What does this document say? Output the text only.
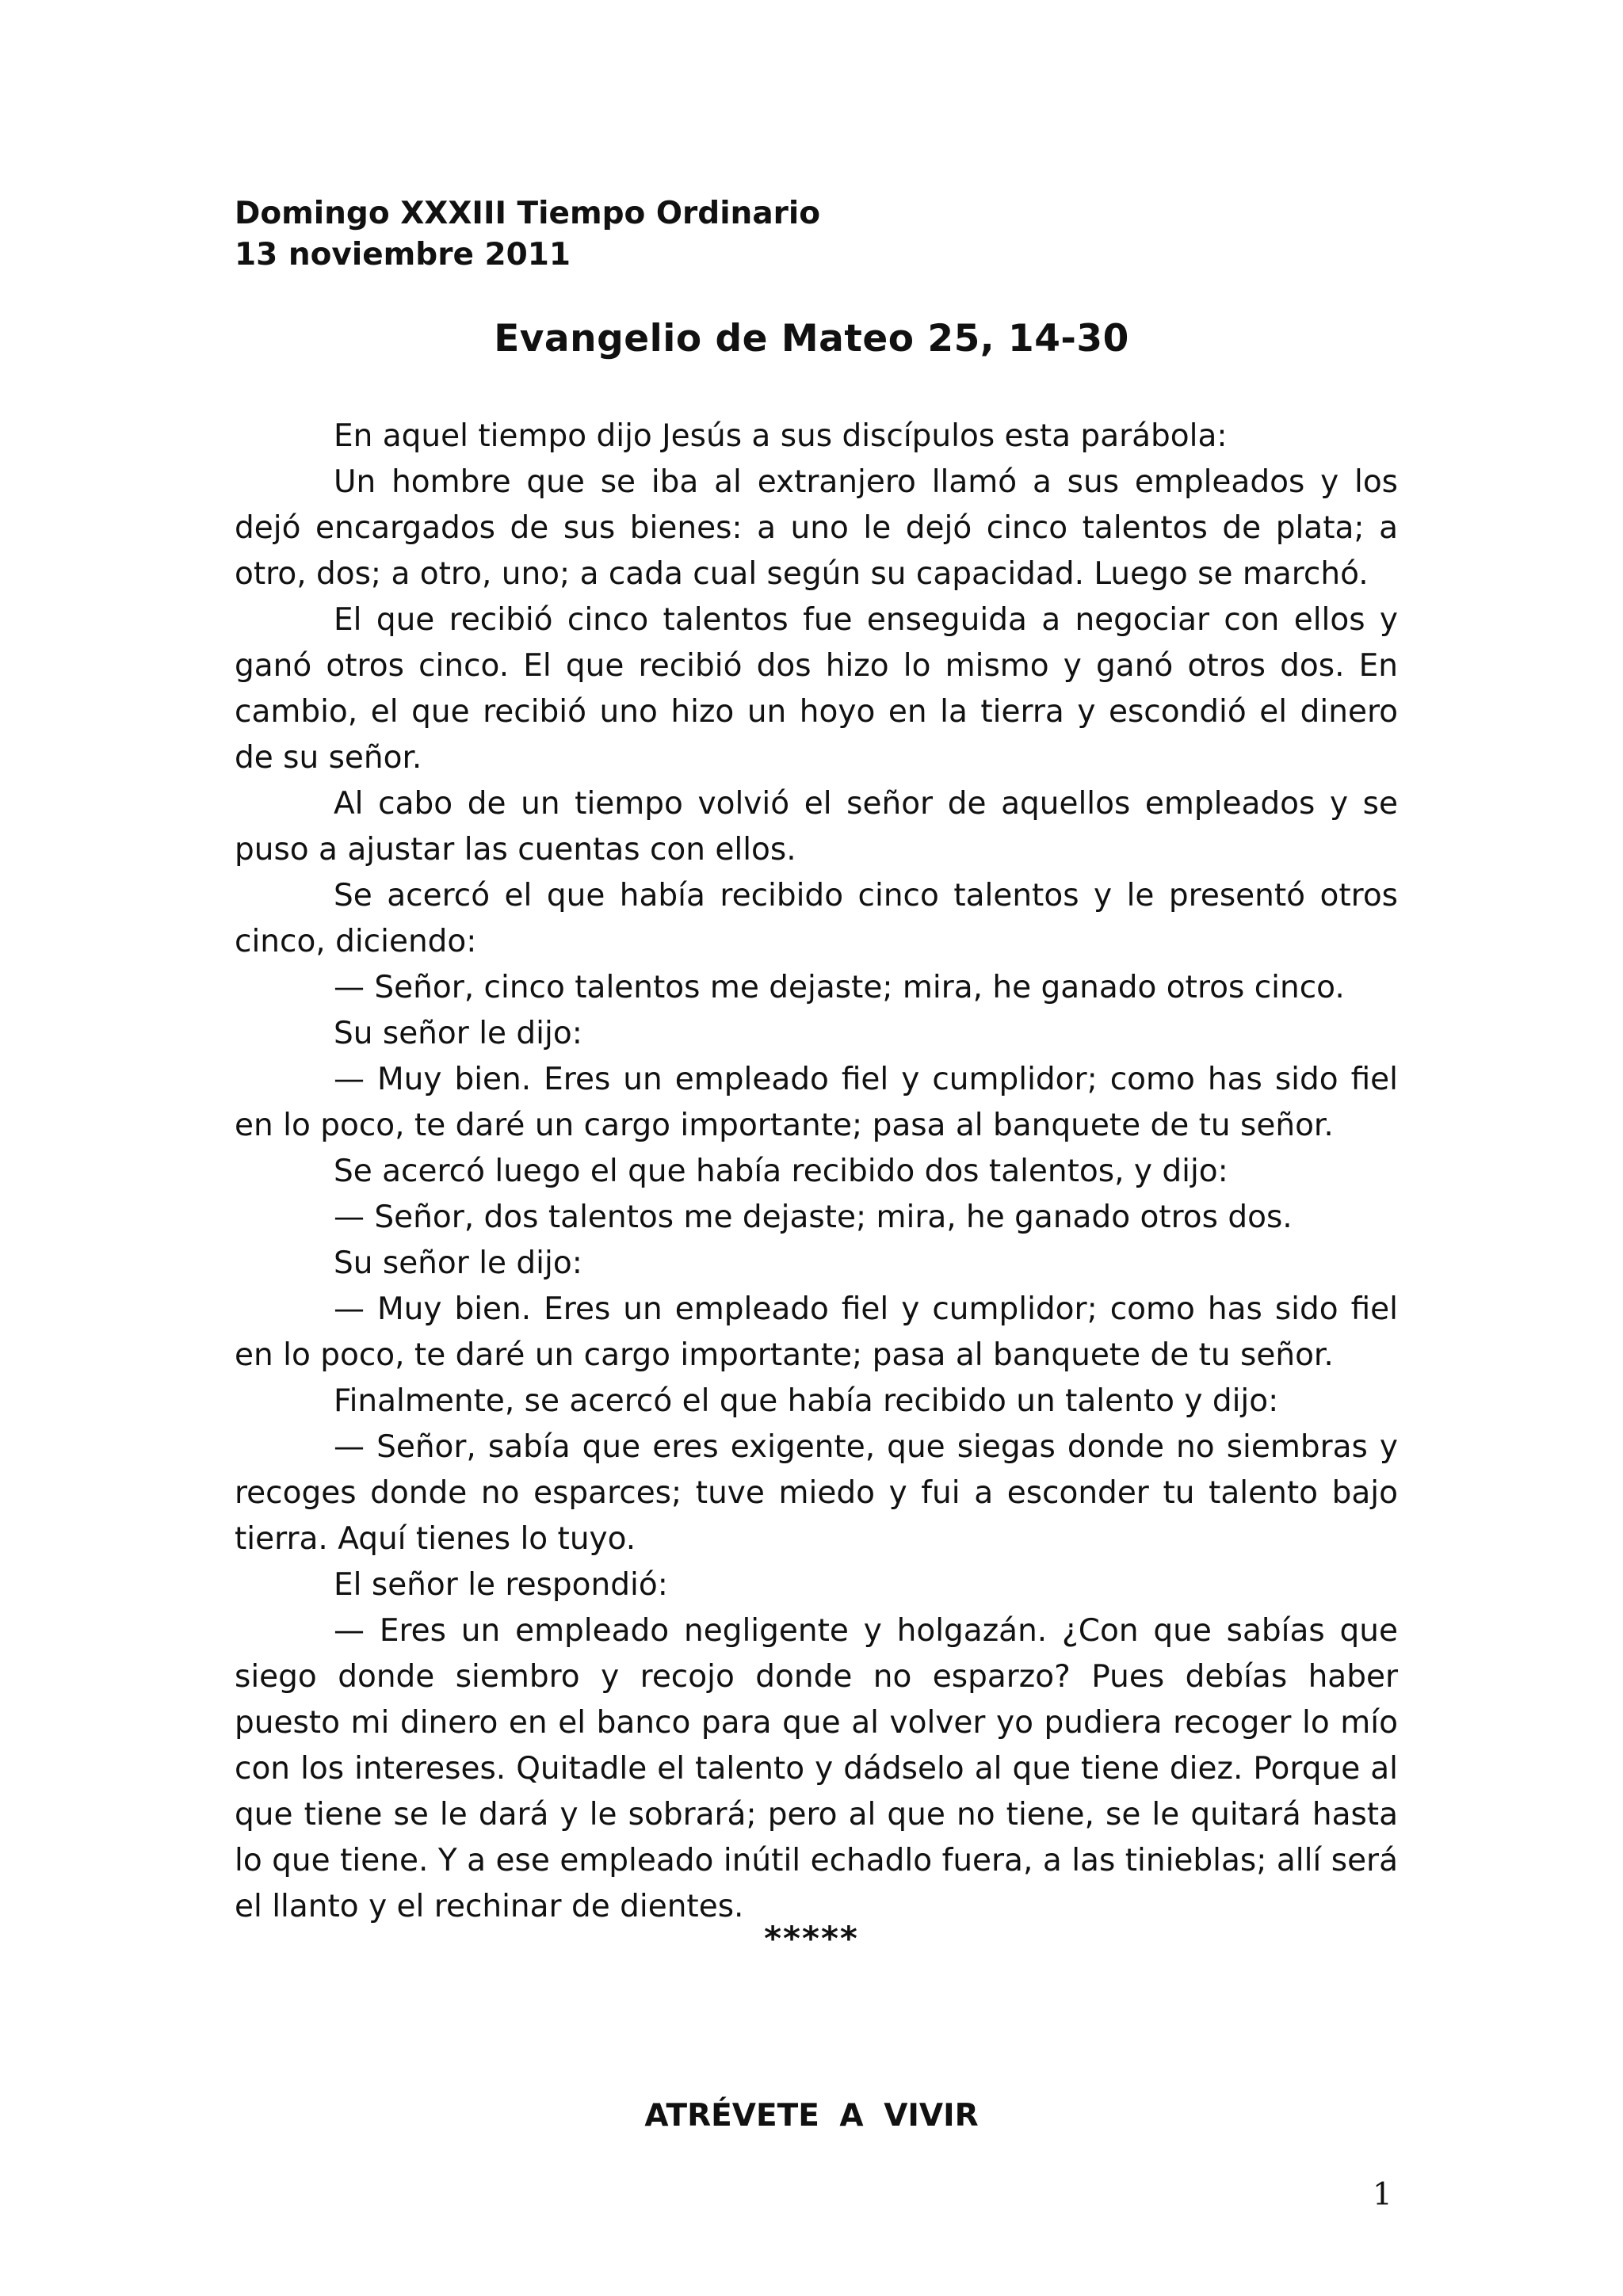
Domingo XXXIII Tiempo Ordinario
13 noviembre 2011
Evangelio de Mateo 25, 14-30

En aquel tiempo dijo Jesús a sus discípulos esta parábola:

Un hombre que se iba al extranjero llamó a sus empleados y los dejó encargados de sus bienes: a uno le dejó cinco talentos de plata; a otro, dos; a otro, uno; a cada cual según su capacidad. Luego se marchó.

El que recibió cinco talentos fue enseguida a negociar con ellos y ganó otros cinco. El que recibió dos hizo lo mismo y ganó otros dos. En cambio, el que recibió uno hizo un hoyo en la tierra y escondió el dinero de su señor.

Al cabo de un tiempo volvió el señor de aquellos empleados y se puso a ajustar las cuentas con ellos.

Se acercó el que había recibido cinco talentos y le presentó otros cinco, diciendo:

— Señor, cinco talentos me dejaste; mira, he ganado otros cinco.

Su señor le dijo:

— Muy bien. Eres un empleado fiel y cumplidor; como has sido fiel en lo poco, te daré un cargo importante; pasa al banquete de tu señor.

Se acercó luego el que había recibido dos talentos, y dijo:

— Señor, dos talentos me dejaste; mira, he ganado otros dos.

Su señor le dijo:

— Muy bien. Eres un empleado fiel y cumplidor; como has sido fiel en lo poco, te daré un cargo importante; pasa al banquete de tu señor.

Finalmente, se acercó el que había recibido un talento y dijo:

— Señor, sabía que eres exigente, que siegas donde no siembras y recoges donde no esparces; tuve miedo y fui a esconder tu talento bajo tierra. Aquí tienes lo tuyo.

El señor le respondió:

— Eres un empleado negligente y holgazán. ¿Con que sabías que siego donde siembro y recojo donde no esparzo? Pues debías haber puesto mi dinero en el banco para que al volver yo pudiera recoger lo mío con los intereses. Quitadle el talento y dádselo al que tiene diez. Porque al que tiene se le dará y le sobrará; pero al que no tiene, se le quitará hasta lo que tiene. Y a ese empleado inútil echadlo fuera, a las tinieblas; allí será el llanto y el rechinar de dientes.

*****
ATRÉVETE A VIVIR
1
